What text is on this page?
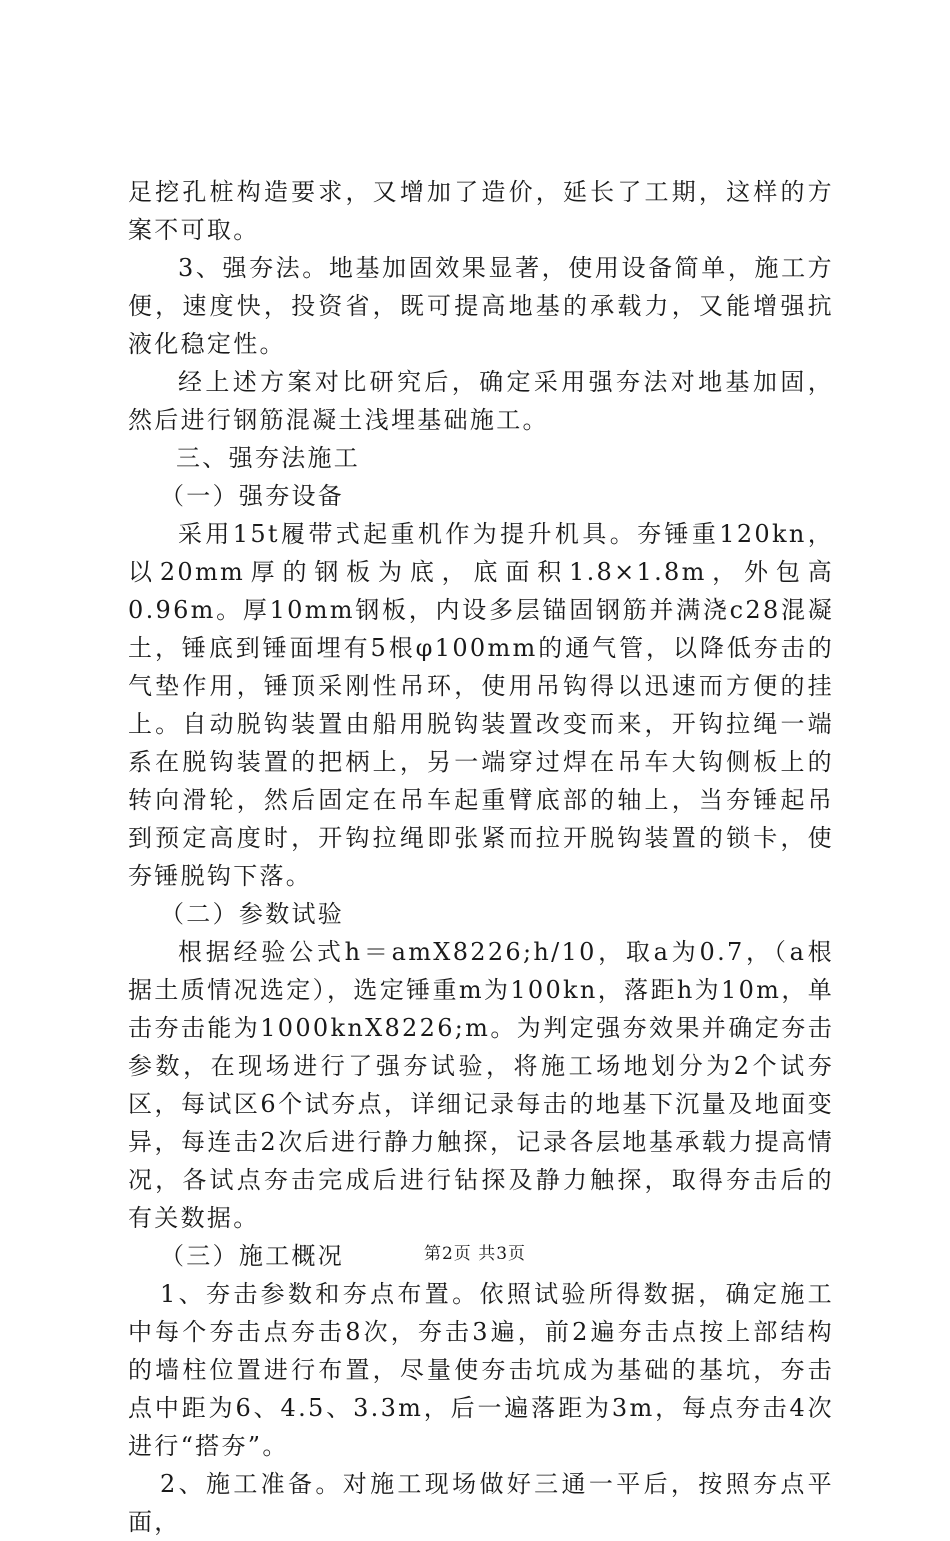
足挖孔桩构造要求，又增加了造价，延长了工期，这样的方案不可取。

3、强夯法。地基加固效果显著，使用设备简单，施工方便，速度快，投资省，既可提高地基的承载力，又能增强抗液化稳定性。

经上述方案对比研究后，确定采用强夯法对地基加固，然后进行钢筋混凝土浅埋基础施工。

三、强夯法施工

（一）强夯设备

采用15t履带式起重机作为提升机具。夯锤重120kn，以20mm厚的钢板为底，底面积1.8×1.8m，外包高0.96m。厚10mm钢板，内设多层锚固钢筋并满浇c28混凝土，锤底到锤面埋有5根φ100mm的通气管，以降低夯击的气垫作用，锤顶采刚性吊环，使用吊钩得以迅速而方便的挂上。自动脱钩装置由船用脱钩装置改变而来，开钩拉绳一端系在脱钩装置的把柄上，另一端穿过焊在吊车大钩侧板上的转向滑轮，然后固定在吊车起重臂底部的轴上，当夯锤起吊到预定高度时，开钩拉绳即张紧而拉开脱钩装置的锁卡，使夯锤脱钩下落。

（二）参数试验

根据经验公式h＝amX8226;h/10，取a为0.7，（a根据土质情况选定），选定锤重m为100kn，落距h为10m，单击夯击能为1000knX8226;m。为判定强夯效果并确定夯击参数，在现场进行了强夯试验，将施工场地划分为2个试夯区，每试区6个试夯点，详细记录每击的地基下沉量及地面变异，每连击2次后进行静力触探，记录各层地基承载力提高情况，各试点夯击完成后进行钻探及静力触探，取得夯击后的有关数据。

（三）施工概况

1、夯击参数和夯点布置。依照试验所得数据，确定施工中每个夯击点夯击8次，夯击3遍，前2遍夯击点按上部结构的墙柱位置进行布置，尽量使夯击坑成为基础的基坑，夯击点中距为6、4.5、3.3m，后一遍落距为3m，每点夯击4次进行“搭夯”。

2、施工准备。对施工现场做好三通一平后，按照夯点平面，

第2页 共3页
